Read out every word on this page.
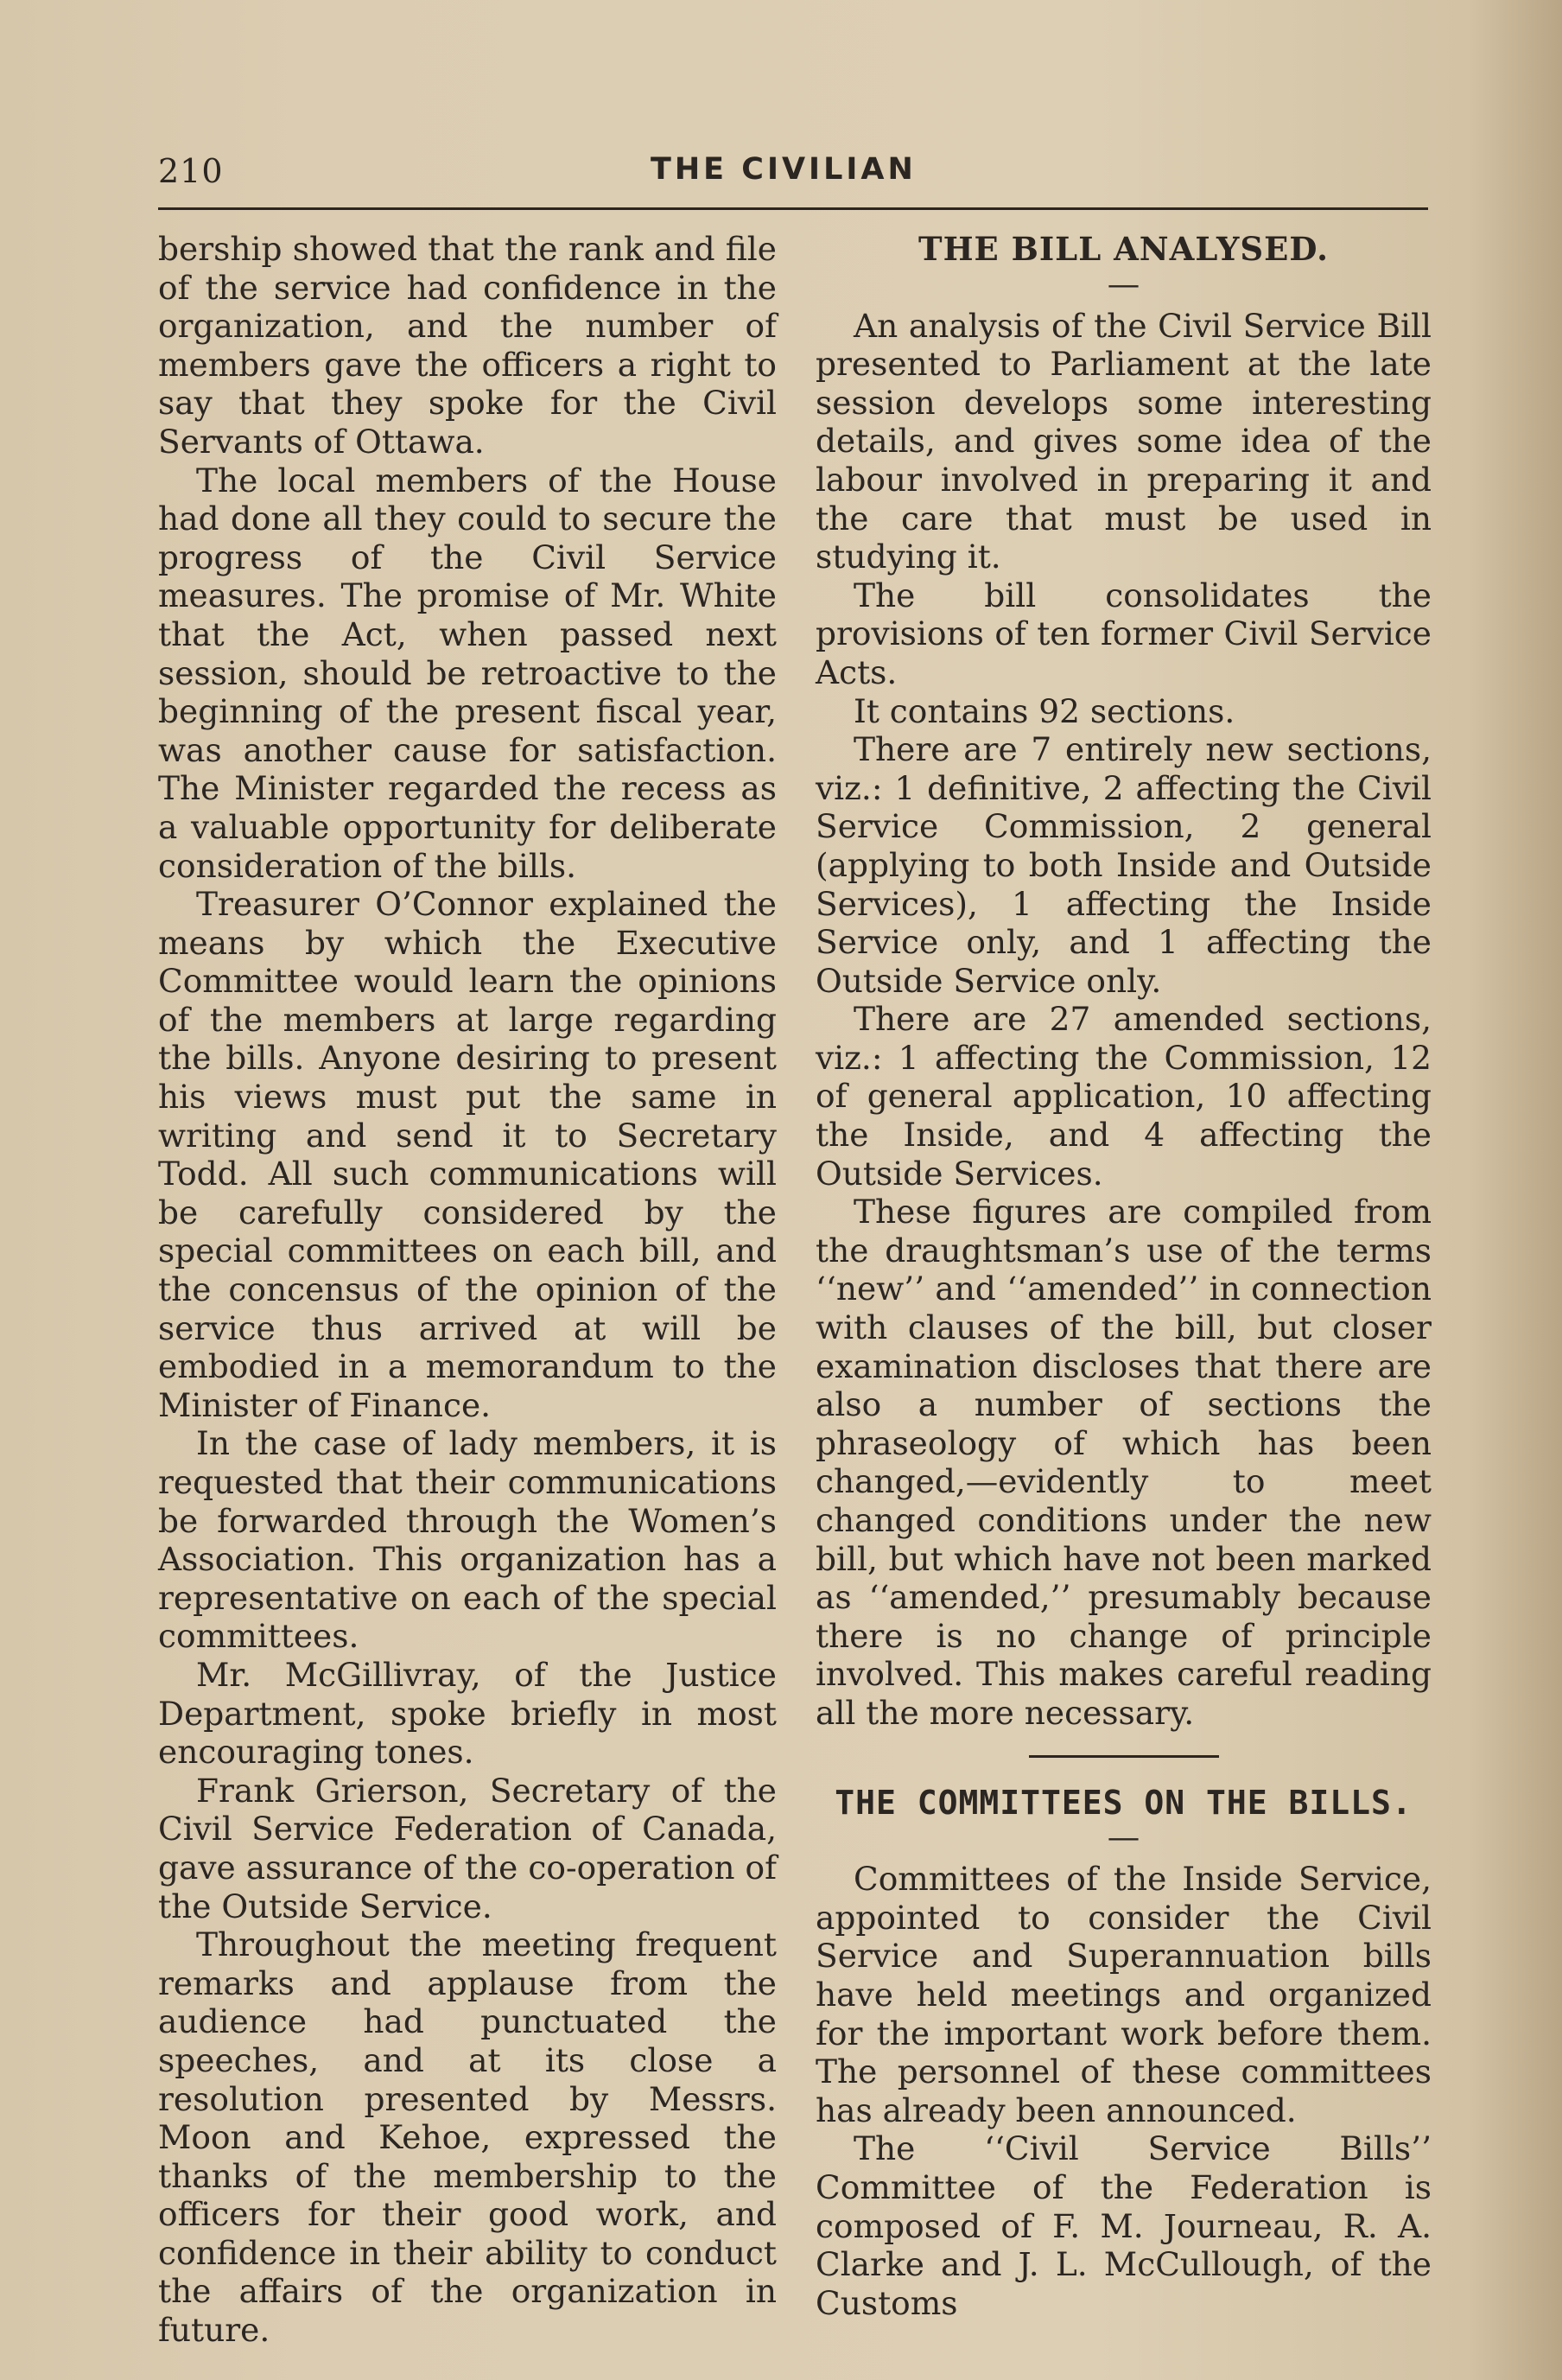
210	THE CIVILIAN

bership showed that the rank and file of the service had confidence in the organization, and the number of members gave the officers a right to say that they spoke for the Civil Servants of Ottawa.

The local members of the House had done all they could to secure the progress of the Civil Service measures. The promise of Mr. White that the Act, when passed next session, should be retroactive to the beginning of the present fiscal year, was another cause for satisfaction. The Minister regarded the recess as a valuable opportunity for deliberate consideration of the bills.

Treasurer O’Connor explained the means by which the Executive Committee would learn the opinions of the members at large regarding the bills. Anyone desiring to present his views must put the same in writing and send it to Secretary Todd. All such communications will be carefully considered by the special committees on each bill, and the concensus of the opinion of the service thus arrived at will be embodied in a memorandum to the Minister of Finance.

In the case of lady members, it is requested that their communications be forwarded through the Women’s Association. This organization has a representative on each of the special committees.

Mr. McGillivray, of the Justice Department, spoke briefly in most encouraging tones.

Frank Grierson, Secretary of the Civil Service Federation of Canada, gave assurance of the co-operation of the Outside Service.

Throughout the meeting frequent remarks and applause from the audience had punctuated the speeches, and at its close a resolution presented by Messrs. Moon and Kehoe, expressed the thanks of the membership to the officers for their good work, and confidence in their ability to conduct the affairs of the organization in future.

THE BILL ANALYSED.
—

An analysis of the Civil Service Bill presented to Parliament at the late session develops some interesting details, and gives some idea of the labour involved in preparing it and the care that must be used in studying it.

The bill consolidates the provisions of ten former Civil Service Acts.

It contains 92 sections.

There are 7 entirely new sections, viz.: 1 definitive, 2 affecting the Civil Service Commission, 2 general (applying to both Inside and Outside Services), 1 affecting the Inside Service only, and 1 affecting the Outside Service only.

There are 27 amended sections, viz.: 1 affecting the Commission, 12 of general application, 10 affecting the Inside, and 4 affecting the Outside Services.

These figures are compiled from the draughtsman’s use of the terms ‘‘new’’ and ‘‘amended’’ in connection with clauses of the bill, but closer examination discloses that there are also a number of sections the phraseology of which has been changed,—evidently to meet changed conditions under the new bill, but which have not been marked as ‘‘amended,’’ presumably because there is no change of principle involved. This makes careful reading all the more necessary.

THE COMMITTEES ON THE BILLS.
—

Committees of the Inside Service, appointed to consider the Civil Service and Superannuation bills have held meetings and organized for the important work before them. The personnel of these committees has already been announced.

The ‘‘Civil Service Bills’’ Committee of the Federation is composed of F. M. Journeau, R. A. Clarke and J. L. McCullough, of the Customs
